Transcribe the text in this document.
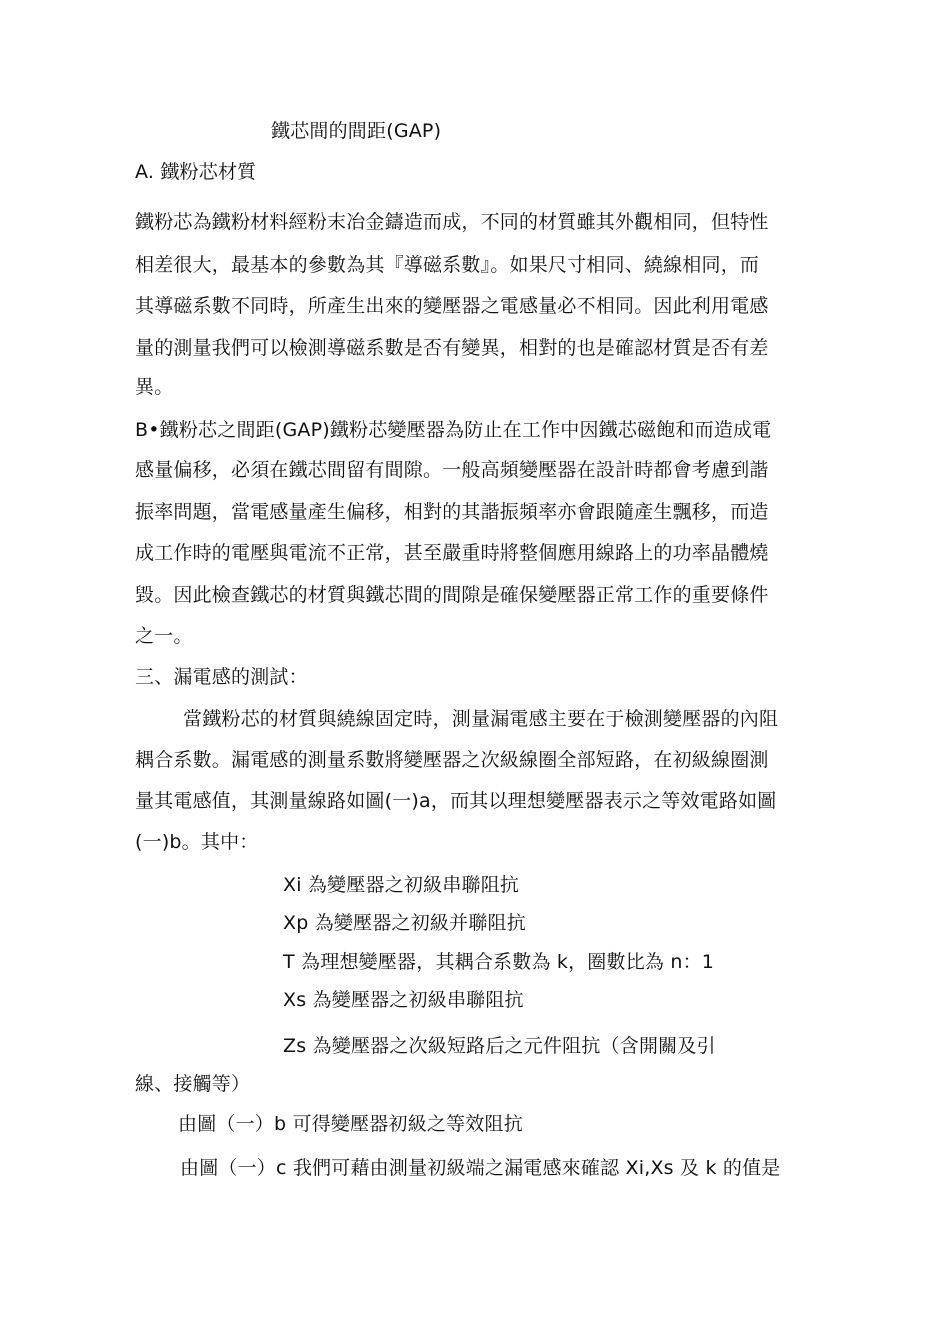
鐵芯間的間距(GAP)
A. 鐵粉芯材質
鐵粉芯為鐵粉材料經粉末冶金鑄造而成，不同的材質雖其外觀相同，但特性
相差很大，最基本的參數為其『導磁系數』。如果尺寸相同、繞線相同，而
其導磁系數不同時，所產生出來的變壓器之電感量必不相同。因此利用電感
量的測量我們可以檢測導磁系數是否有變異，相對的也是確認材質是否有差
異。
B•鐵粉芯之間距(GAP)鐵粉芯變壓器為防止在工作中因鐵芯磁飽和而造成電
感量偏移，必須在鐵芯間留有間隙。一般高頻變壓器在設計時都會考慮到諧
振率問題，當電感量產生偏移，相對的其諧振頻率亦會跟隨產生飄移，而造
成工作時的電壓與電流不正常，甚至嚴重時將整個應用線路上的功率晶體燒
毀。因此檢查鐵芯的材質與鐵芯間的間隙是確保變壓器正常工作的重要條件
之一。
三、漏電感的測試：
當鐵粉芯的材質與繞線固定時，測量漏電感主要在于檢測變壓器的內阻
耦合系數。漏電感的測量系數將變壓器之次級線圈全部短路，在初級線圈測
量其電感值，其測量線路如圖(一)a，而其以理想變壓器表示之等效電路如圖
(一)b。其中：
Xi 為變壓器之初級串聯阻抗
Xp 為變壓器之初級并聯阻抗
T 為理想變壓器，其耦合系數為 k，圈數比為 n：1
Xs 為變壓器之初級串聯阻抗
Zs 為變壓器之次級短路后之元件阻抗（含開關及引
線、接觸等）
由圖（一）b 可得變壓器初級之等效阻抗
由圖（一）c 我們可藉由測量初級端之漏電感來確認 Xi,Xs 及 k 的值是
